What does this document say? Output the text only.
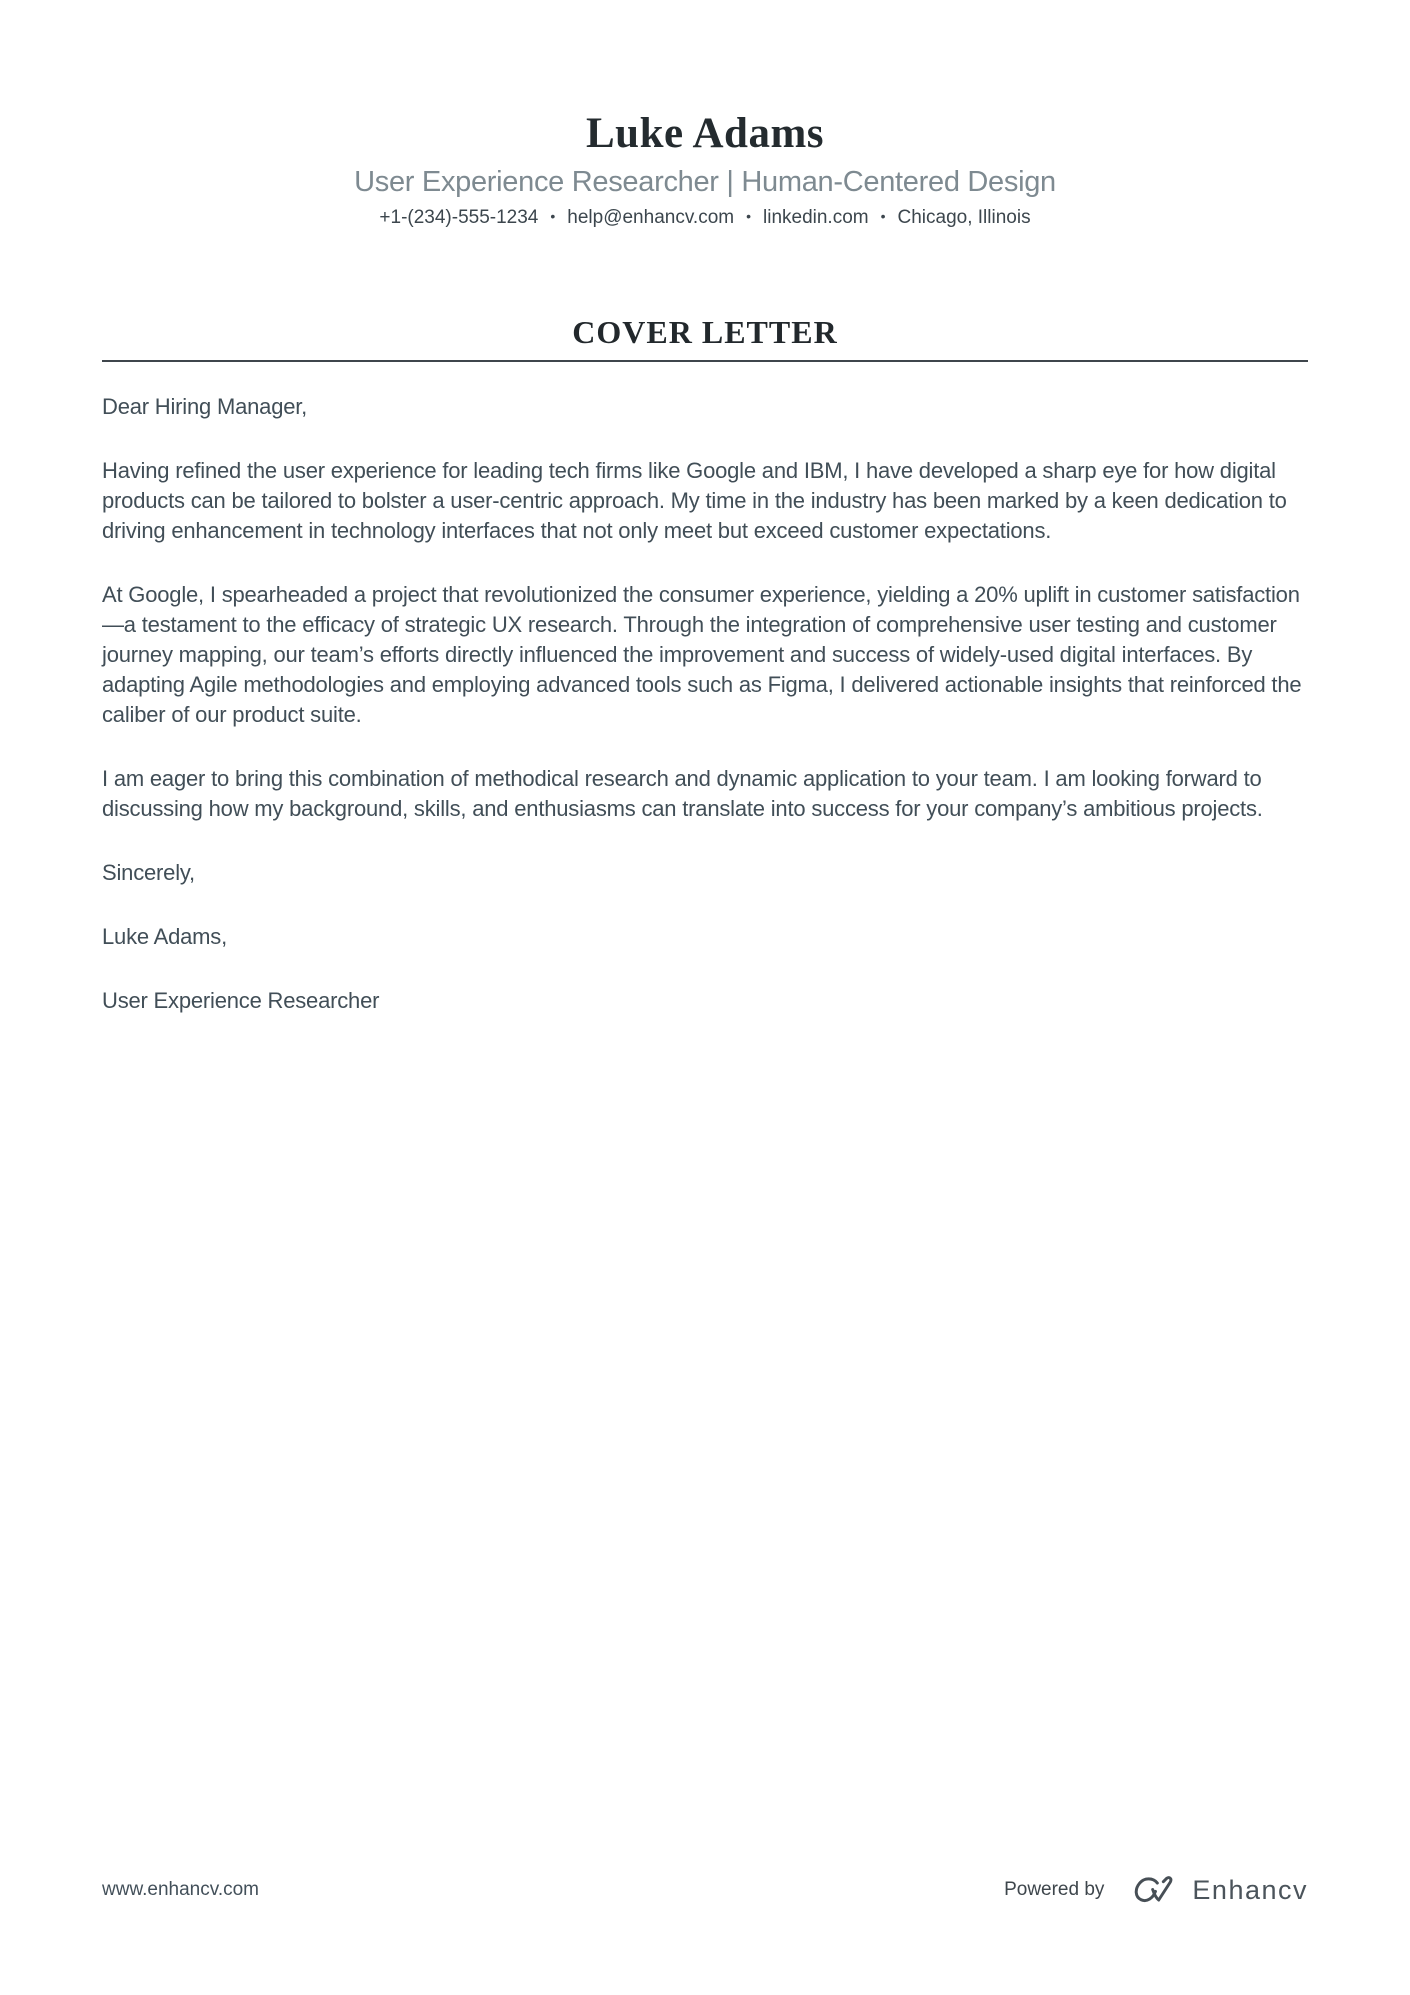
Luke Adams
User Experience Researcher | Human-Centered Design
+1-(234)-555-1234 • help@enhancv.com • linkedin.com • Chicago, Illinois
COVER LETTER

Dear Hiring Manager,

Having refined the user experience for leading tech firms like Google and IBM, I have developed a sharp eye for how digital products can be tailored to bolster a user-centric approach. My time in the industry has been marked by a keen dedication to driving enhancement in technology interfaces that not only meet but exceed customer expectations.

At Google, I spearheaded a project that revolutionized the consumer experience, yielding a 20% uplift in customer satisfaction—a testament to the efficacy of strategic UX research. Through the integration of comprehensive user testing and customer journey mapping, our team’s efforts directly influenced the improvement and success of widely-used digital interfaces. By adapting Agile methodologies and employing advanced tools such as Figma, I delivered actionable insights that reinforced the caliber of our product suite.

I am eager to bring this combination of methodical research and dynamic application to your team. I am looking forward to discussing how my background, skills, and enthusiasms can translate into success for your company’s ambitious projects.

Sincerely,

Luke Adams,

User Experience Researcher

www.enhancv.com	Powered by	Enhancv
